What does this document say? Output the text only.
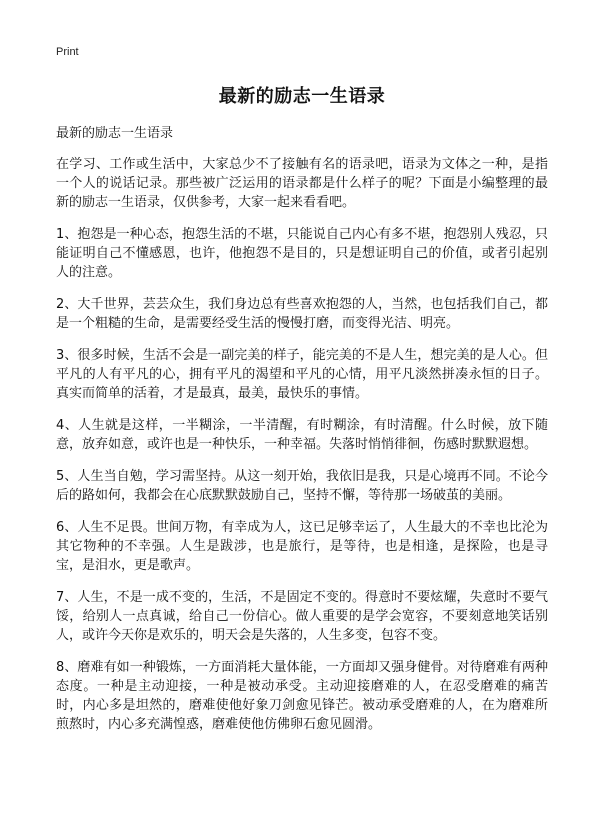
Print
最新的励志一生语录
最新的励志一生语录

在学习、工作或生活中，大家总少不了接触有名的语录吧，语录为文体之一种，是指一个人的说话记录。那些被广泛运用的语录都是什么样子的呢？下面是小编整理的最新的励志一生语录，仅供参考，大家一起来看看吧。

1、抱怨是一种心态，抱怨生活的不堪，只能说自己内心有多不堪，抱怨别人残忍，只能证明自己不懂感恩，也许，他抱怨不是目的，只是想证明自己的价值，或者引起别人的注意。

2、大千世界，芸芸众生，我们身边总有些喜欢抱怨的人，当然，也包括我们自己，都是一个粗糙的生命，是需要经受生活的慢慢打磨，而变得光洁、明亮。

3、很多时候，生活不会是一副完美的样子，能完美的不是人生，想完美的是人心。但平凡的人有平凡的心，拥有平凡的渴望和平凡的心情，用平凡淡然拼凑永恒的日子。真实而简单的活着，才是最真，最美，最快乐的事情。

4、人生就是这样，一半糊涂，一半清醒，有时糊涂，有时清醒。什么时候，放下随意，放弃如意，或许也是一种快乐，一种幸福。失落时悄悄徘徊，伤感时默默遐想。

5、人生当自勉，学习需坚持。从这一刻开始，我依旧是我，只是心境再不同。不论今后的路如何，我都会在心底默默鼓励自己，坚持不懈，等待那一场破茧的美丽。

6、人生不足畏。世间万物，有幸成为人，这已足够幸运了，人生最大的不幸也比沦为其它物种的不幸强。人生是跋涉，也是旅行，是等待，也是相逢，是探险，也是寻宝，是泪水，更是歌声。

7、人生，不是一成不变的，生活，不是固定不变的。得意时不要炫耀，失意时不要气馁，给别人一点真诚，给自己一份信心。做人重要的是学会宽容，不要刻意地笑话别人，或许今天你是欢乐的，明天会是失落的，人生多变，包容不变。

8、磨难有如一种锻炼，一方面消耗大量体能，一方面却又强身健骨。对待磨难有两种态度。一种是主动迎接，一种是被动承受。主动迎接磨难的人，在忍受磨难的痛苦时，内心多是坦然的，磨难使他好象刀剑愈见锋芒。被动承受磨难的人，在为磨难所煎熬时，内心多充满惶惑，磨难使他仿佛卵石愈见圆滑。
